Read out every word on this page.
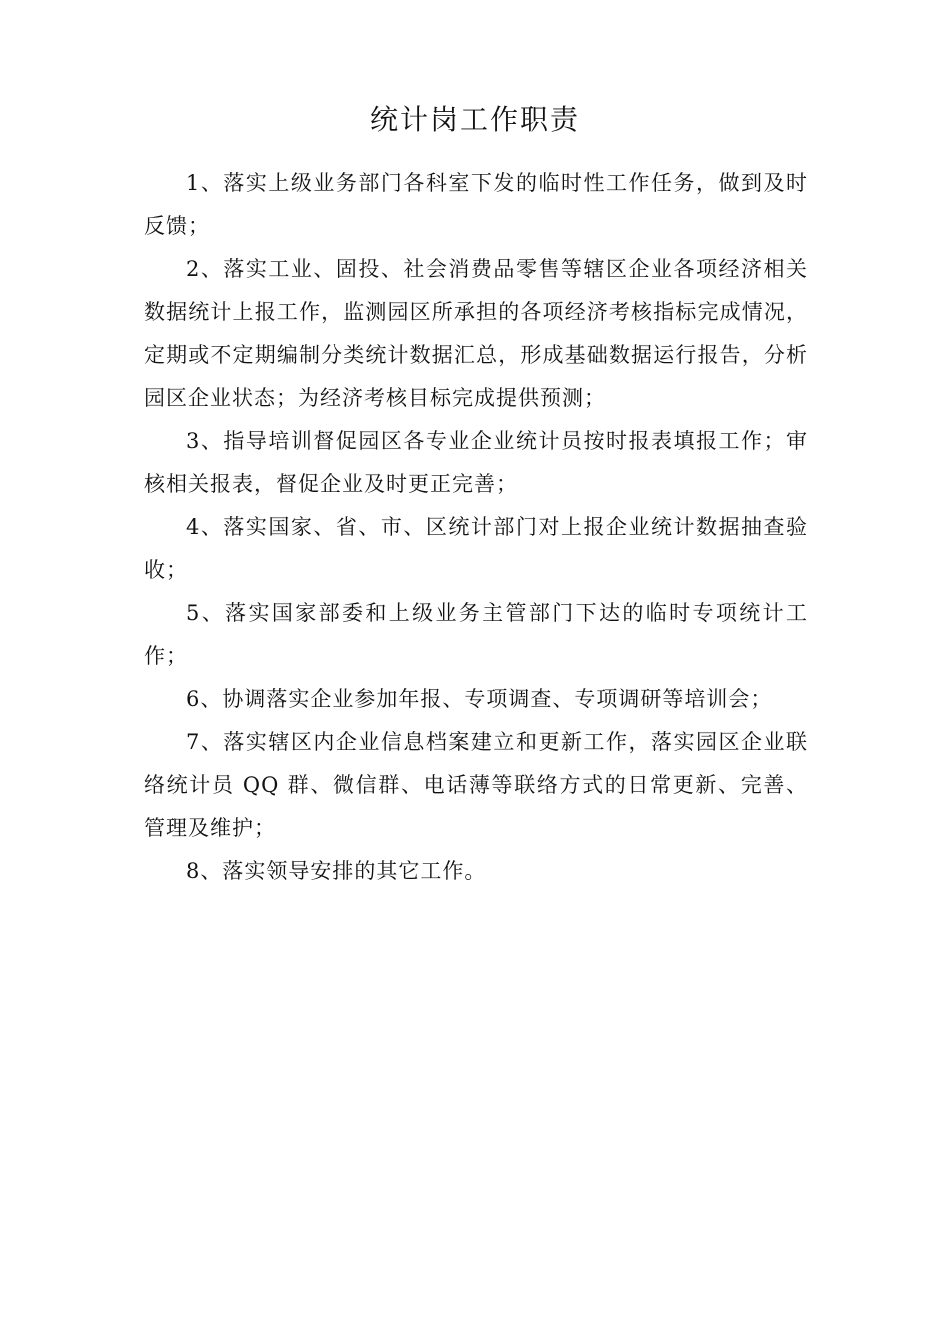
统计岗工作职责

1、落实上级业务部门各科室下发的临时性工作任务，做到及时反馈；

2、落实工业、固投、社会消费品零售等辖区企业各项经济相关数据统计上报工作，监测园区所承担的各项经济考核指标完成情况，定期或不定期编制分类统计数据汇总，形成基础数据运行报告，分析园区企业状态；为经济考核目标完成提供预测；

3、指导培训督促园区各专业企业统计员按时报表填报工作；审核相关报表，督促企业及时更正完善；

4、落实国家、省、市、区统计部门对上报企业统计数据抽查验收；

5、落实国家部委和上级业务主管部门下达的临时专项统计工作；

6、协调落实企业参加年报、专项调查、专项调研等培训会；

7、落实辖区内企业信息档案建立和更新工作，落实园区企业联络统计员 QQ 群、微信群、电话薄等联络方式的日常更新、完善、管理及维护；

8、落实领导安排的其它工作。
